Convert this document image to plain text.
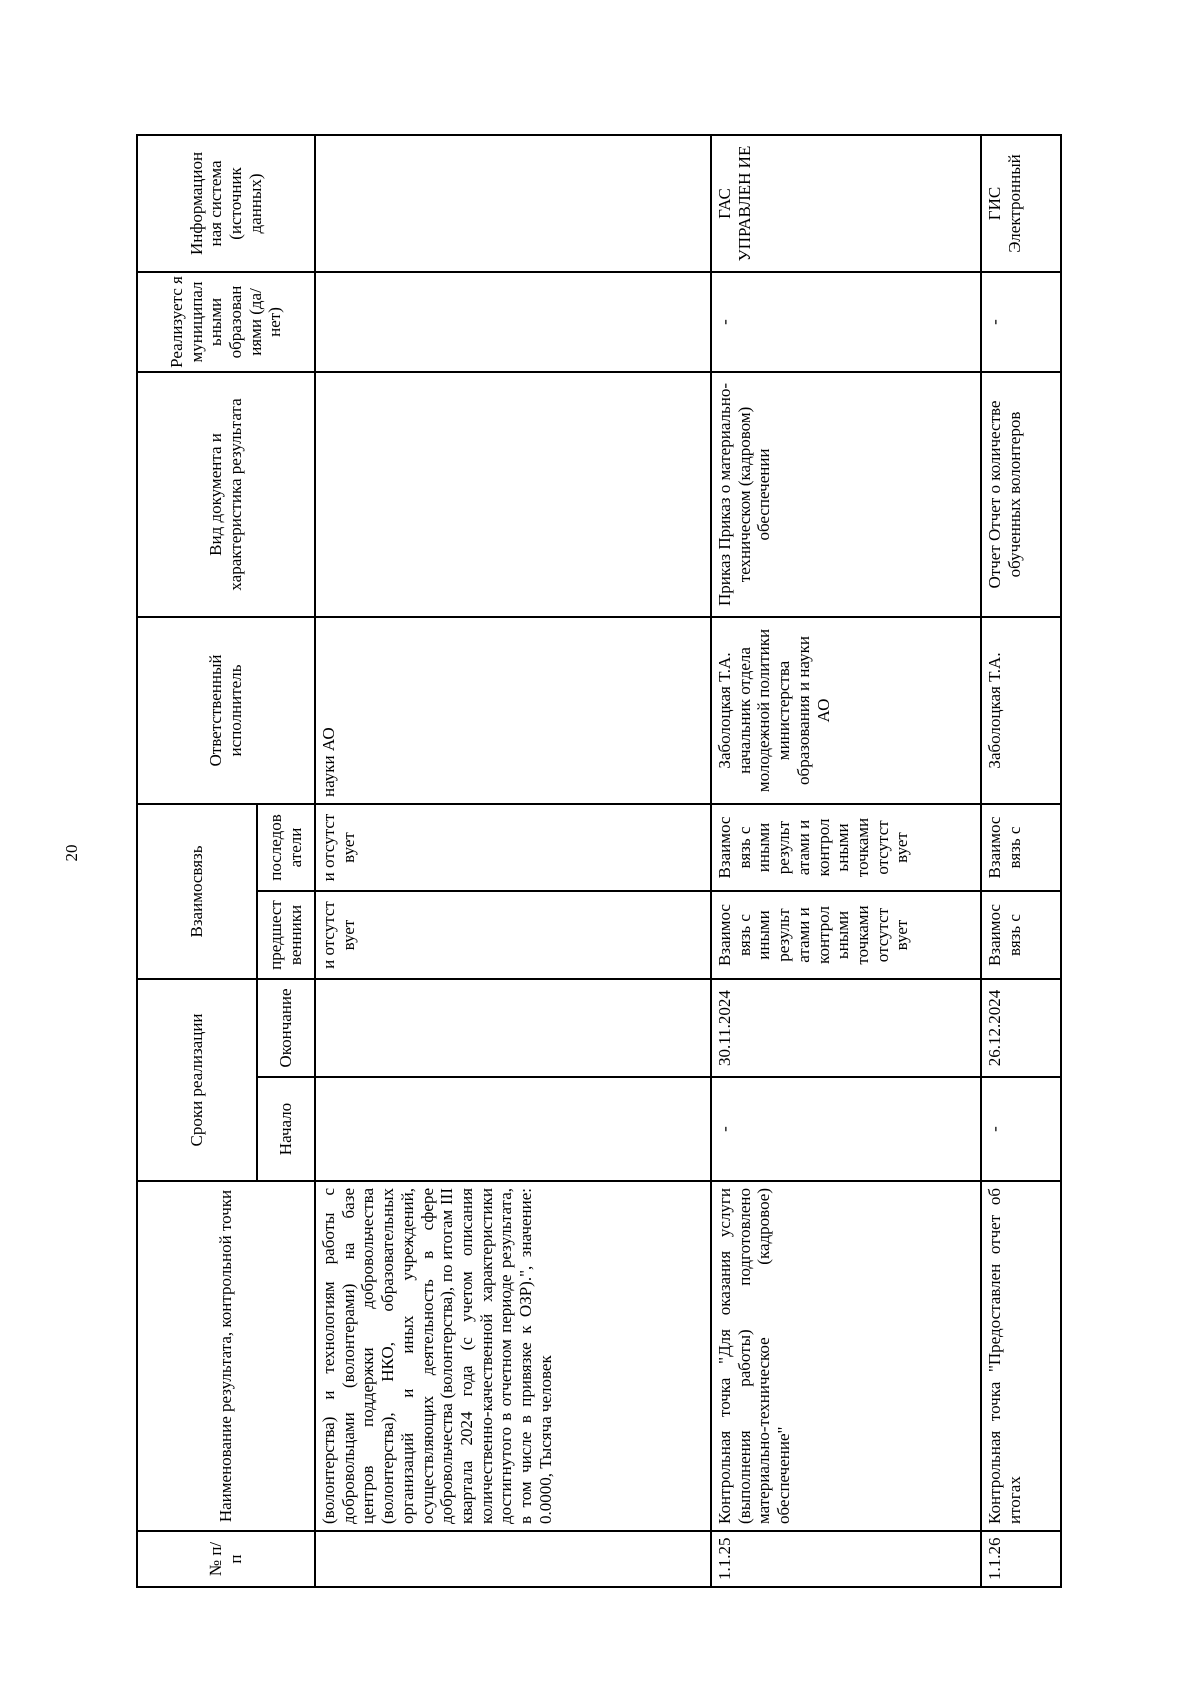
20
№ п/п	Наименование результата, контрольной точки	Сроки реализации		Взаимосвязь		Ответственный исполнитель	Вид документа и характеристика результата	Реализуетс я муниципал ьными образован иями (да/нет)	Информацион ная система (источник данных)
		Начало	Окончание	предшест венники	последов атели				
	(волонтерства) и технологиям работы с добровольцами (волонтерами) на базе центров поддержки добровольчества (волонтерства), НКО, образовательных организаций и иных учреждений, осуществляющих деятельность в сфере добровольчества (волонтерства), по итогам III квартала 2024 года (с учетом описания количественно-качественной характеристики достигнутого в отчетном периоде результата, в том числе в привязке к ОЗР).", значение: 0.0000, Тысяча человек			и отсутст вует	и отсутст вует	науки АО			
1.1.25	Контрольная точка "Для оказания услуги (выполнения работы) подготовлено материально-техническое (кадровое) обеспечение"	-	30.11.2024	Взаимос вязь с иными результ атами и контрол ьными точками отсутст вует	Взаимос вязь с иными результ атами и контрол ьными точками отсутст вует	Заболоцкая Т.А. начальник отдела молодежной политики министерства образования и науки АО	Приказ Приказ о материально-техническом (кадровом) обеспечении	-	ГАС УПРАВЛЕН ИЕ
1.1.26	Контрольная точка "Предоставлен отчет об итогах	-	26.12.2024	Взаимос вязь с	Взаимос вязь с	Заболоцкая Т.А.	Отчет Отчет о количестве обученных волонтеров	-	ГИС Электронный
